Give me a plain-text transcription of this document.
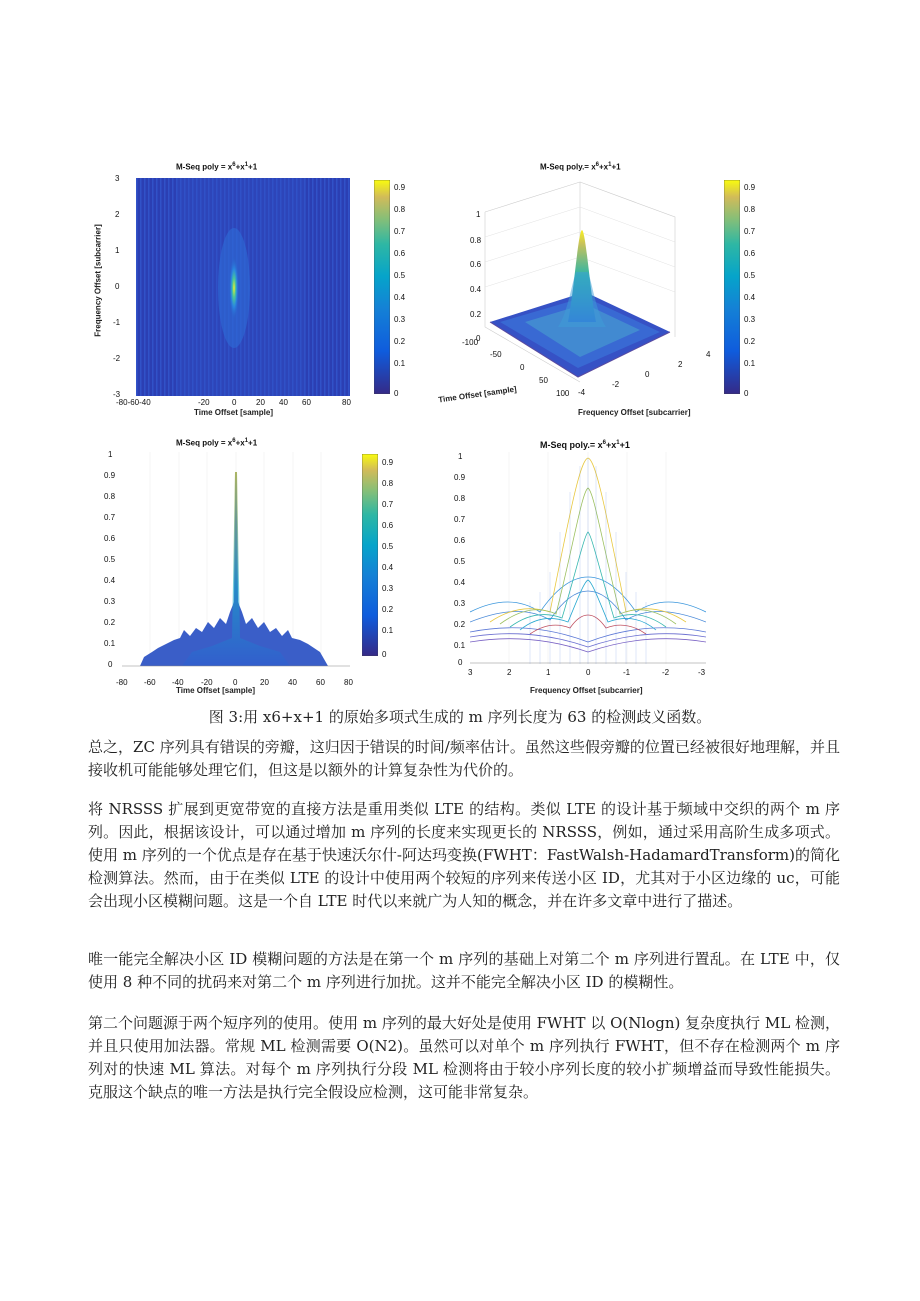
M-Seq poly = $x^6+x^1+1$
Frequency Offset [subcarrier]
3
2
1
0
-1
-2
-3
-80-60-40	-20	0 20 40 60	80
Time Offset [sample]
0.9
0.8
0.7
0.6
0.5
0.4
0.3
0.2
0.1
0
M-Seq poly.= $x^6+x^1+1$
1
0.8
0.6
0.4
0.2
0
-100
-50
0
50
100 -4
-2
0
2
4
Time Offset [sample]
Frequency Offset [subcarrier]
0.9
0.8
0.7
0.6
0.5
0.4
0.3
0.2
0.1
0
M-Seq poly = $x^6+x^1+1$
1
0.9
0.8
0.7
0.6
0.5
0.4
0.3
0.2
0.1
0
-80 -60 -40 -20	0	20 40 60 80
Time Offset [sample]
0.9
0.8
0.7
0.6
0.5
0.4
0.3
0.2
0.1
0
M-Seq poly.= $x^6+x^1+1$
1
0.9
0.8
0.7
0.6
0.5
0.4
0.3
0.2
0.1
0
3	2	1	0	-1	-2	-3
Frequency Offset [subcarrier]
图 3:用 x6+x+1 的原始多项式生成的 m 序列长度为 63 的检测歧义函数。

总之，ZC 序列具有错误的旁瓣，这归因于错误的时间/频率估计。虽然这些假旁瓣的位置已经被很好地理解，并且接收机可能能够处理它们，但这是以额外的计算复杂性为代价的。

将 NRSSS 扩展到更宽带宽的直接方法是重用类似 LTE 的结构。类似 LTE 的设计基于频域中交织的两个 m 序列。因此，根据该设计，可以通过增加 m 序列的长度来实现更长的 NRSSS，例如，通过采用高阶生成多项式。使用 m 序列的一个优点是存在基于快速沃尔什-阿达玛变换(FWHT：FastWalsh-HadamardTransform)的简化检测算法。然而，由于在类似 LTE 的设计中使用两个较短的序列来传送小区 ID，尤其对于小区边缘的 uc，可能会出现小区模糊问题。这是一个自 LTE 时代以来就广为人知的概念，并在许多文章中进行了描述。

唯一能完全解决小区 ID 模糊问题的方法是在第一个 m 序列的基础上对第二个 m 序列进行置乱。在 LTE 中，仅使用 8 种不同的扰码来对第二个 m 序列进行加扰。这并不能完全解决小区 ID 的模糊性。

第二个问题源于两个短序列的使用。使用 m 序列的最大好处是使用 FWHT 以 O(Nlogn) 复杂度执行 ML 检测，并且只使用加法器。常规 ML 检测需要 O(N2)。虽然可以对单个 m 序列执行 FWHT，但不存在检测两个 m 序列对的快速 ML 算法。对每个 m 序列执行分段 ML 检测将由于较小序列长度的较小扩频增益而导致性能损失。克服这个缺点的唯一方法是执行完全假设应检测，这可能非常复杂。
